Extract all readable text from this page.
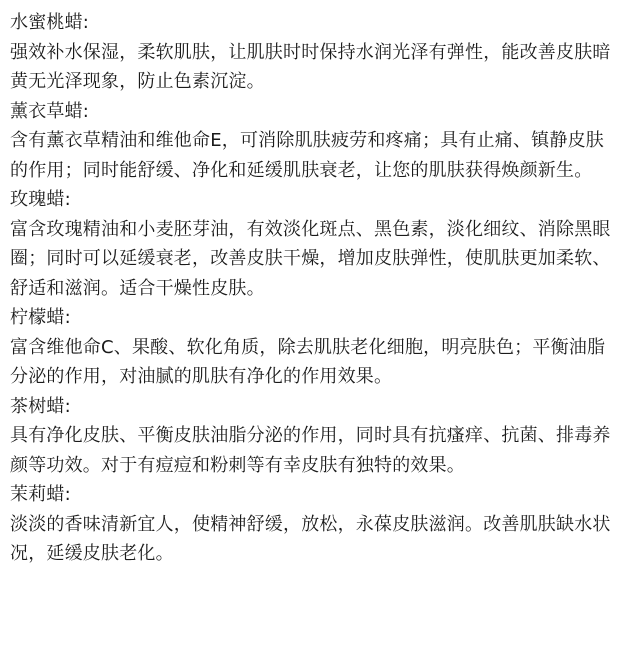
水蜜桃蜡:
强效补水保湿，柔软肌肤，让肌肤时时保持水润光泽有弹性，能改善皮肤暗黄无光泽现象，防止色素沉淀。
薰衣草蜡:
含有薰衣草精油和维他命E，可消除肌肤疲劳和疼痛；具有止痛、镇静皮肤的作用；同时能舒缓、净化和延缓肌肤衰老，让您的肌肤获得焕颜新生。
玫瑰蜡:
富含玫瑰精油和小麦胚芽油，有效淡化斑点、黑色素，淡化细纹、消除黑眼圈；同时可以延缓衰老，改善皮肤干燥，增加皮肤弹性，使肌肤更加柔软、舒适和滋润。适合干燥性皮肤。
柠檬蜡:
富含维他命C、果酸、软化角质，除去肌肤老化细胞，明亮肤色；平衡油脂分泌的作用，对油腻的肌肤有净化的作用效果。
茶树蜡:
具有净化皮肤、平衡皮肤油脂分泌的作用，同时具有抗瘙痒、抗菌、排毒养颜等功效。对于有痘痘和粉刺等有幸皮肤有独特的效果。
茉莉蜡:
淡淡的香味清新宜人，使精神舒缓，放松，永葆皮肤滋润。改善肌肤缺水状况，延缓皮肤老化。
